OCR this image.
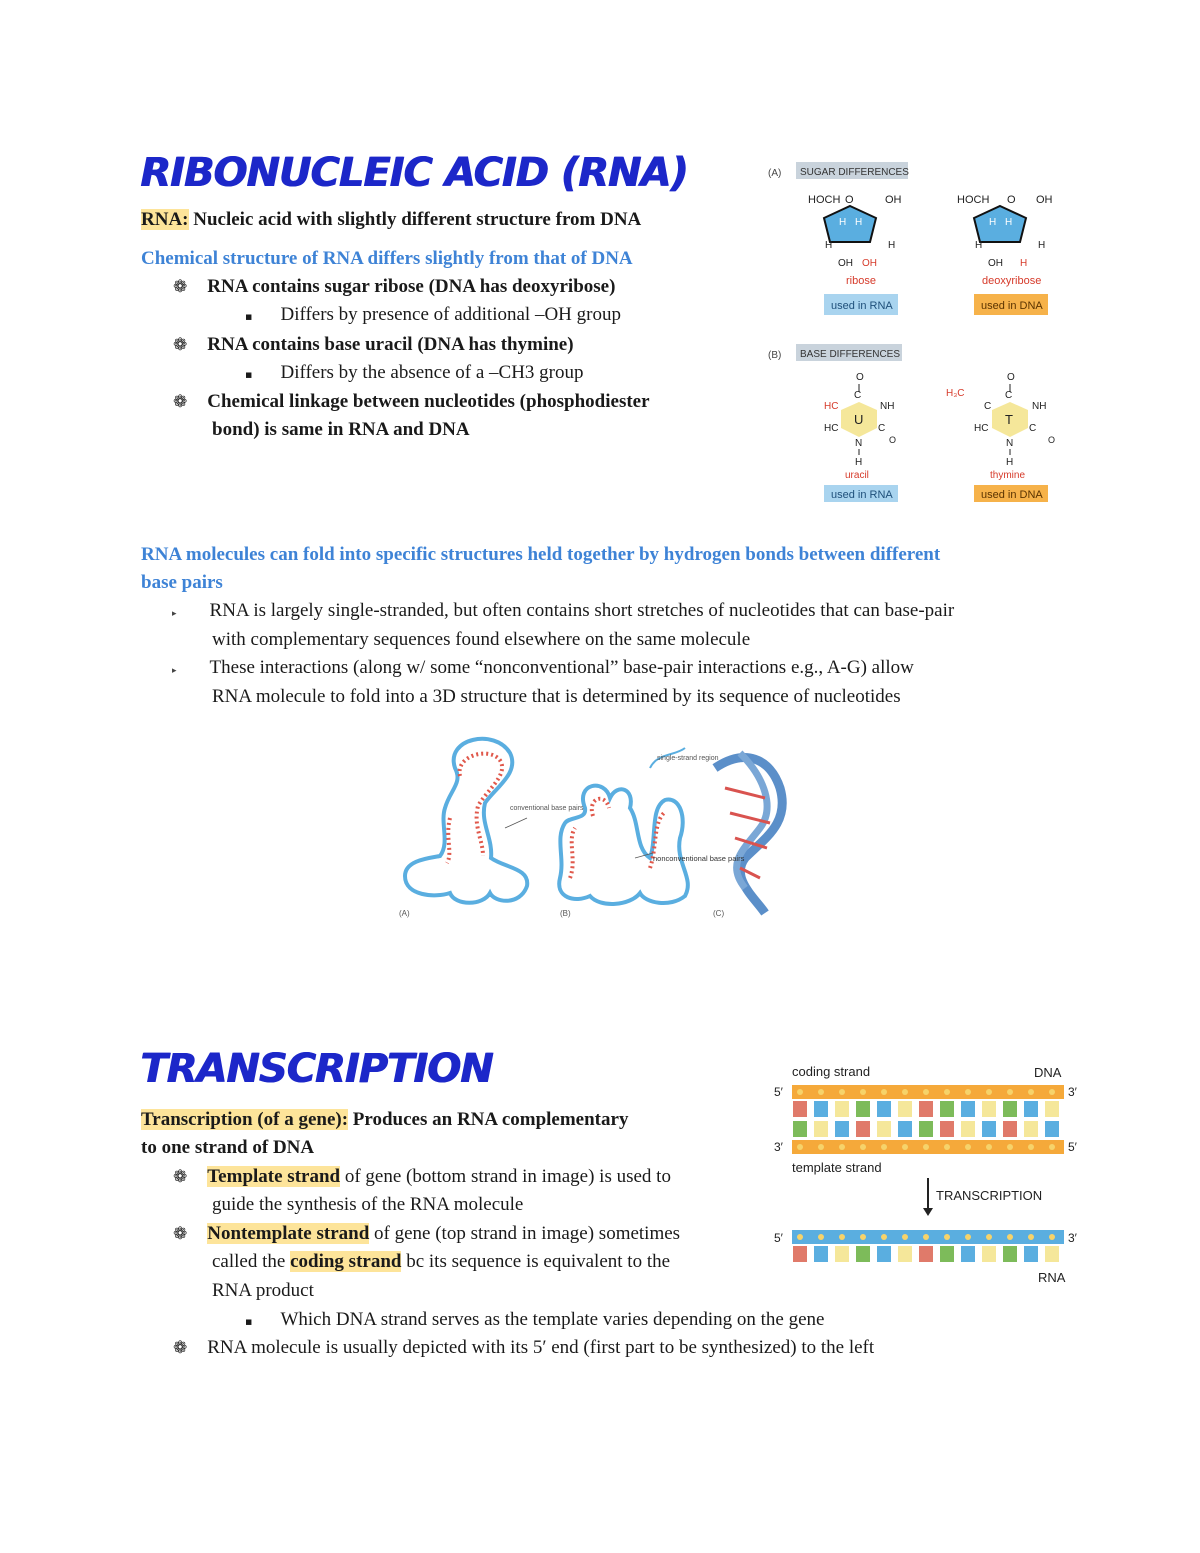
RIBONUCLEIC ACID (RNA)
RNA: Nucleic acid with slightly different structure from DNA
Chemical structure of RNA differs slightly from that of DNA
❁ RNA contains sugar ribose (DNA has deoxyribose)
▪ Differs by presence of additional –OH group
❁ RNA contains base uracil (DNA has thymine)
▪ Differs by the absence of a –CH3 group
❁ Chemical linkage between nucleotides (phosphodiester
bond) is same in RNA and DNA
(A) SUGAR DIFFERENCES
HOCH O	OH
H H
H	H
OH OH
ribose
used in RNA
HOCH O OH
H H
H	H
OH H
deoxyribose
used in DNA
(B) BASE DIFFERENCES
O
C
NH
HC
HC	C
O
N
H
U
uracil
used in RNA
O
C
NH
H₃C
C
HC	C
O
N
H
T
thymine
used in DNA
RNA molecules can fold into specific structures held together by hydrogen bonds between different
base pairs
▸ RNA is largely single-stranded, but often contains short stretches of nucleotides that can base-pair
with complementary sequences found elsewhere on the same molecule
▸ These interactions (along w/ some “nonconventional” base-pair interactions e.g., A-G) allow
RNA molecule to fold into a 3D structure that is determined by its sequence of nucleotides
conventional base pairs
nonconventional base pairs
single-strand region
(A)	(B)	(C)
TRANSCRIPTION
Transcription (of a gene): Produces an RNA complementary
to one strand of DNA
❁ Template strand of gene (bottom strand in image) is used to
guide the synthesis of the RNA molecule
❁ Nontemplate strand of gene (top strand in image) sometimes
called the coding strand bc its sequence is equivalent to the
RNA product
▪ Which DNA strand serves as the template varies depending on the gene
❁ RNA molecule is usually depicted with its 5′ end (first part to be synthesized) to the left
coding strand	DNA
5′	3′
3′	5′
template strand
TRANSCRIPTION
5′	3′
RNA
